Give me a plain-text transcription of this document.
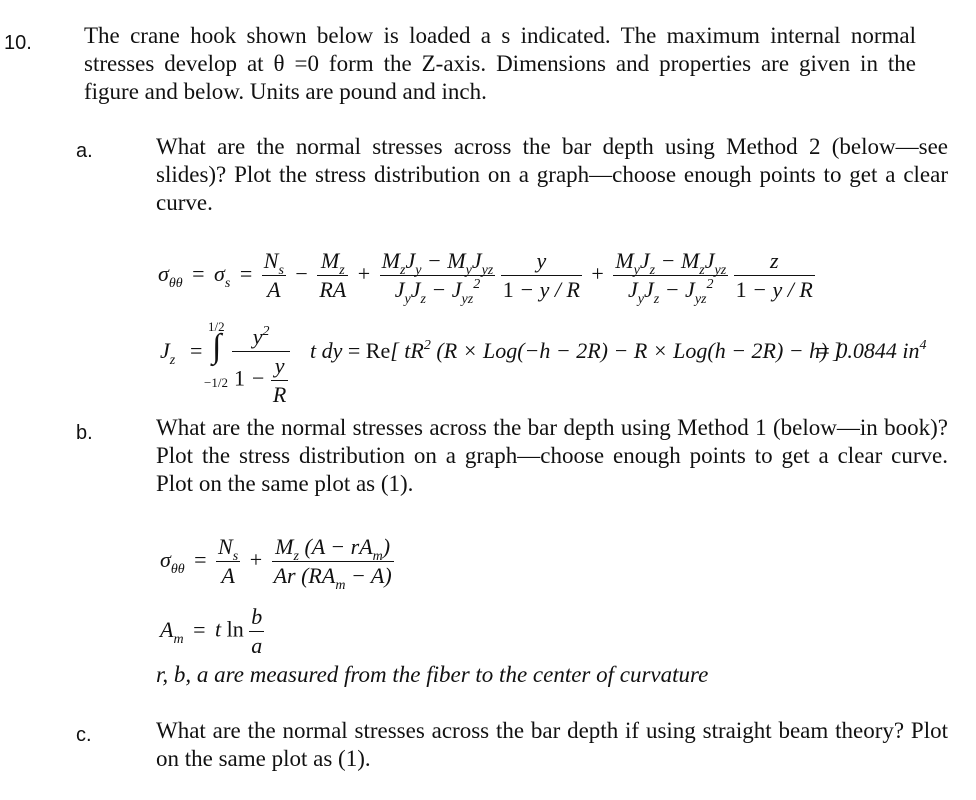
10. The crane hook shown below is loaded a s indicated. The maximum internal normal stresses develop at θ =0 form the Z-axis. Dimensions and properties are given in the figure and below. Units are pound and inch.

a.	What are the normal stresses across the bar depth using Method 2 (below—see slides)? Plot the stress distribution on a graph—choose enough points to get a clear curve.

$\sigma_{\theta\theta} = \sigma_s = \frac{N_s}{A} - \frac{M_z}{RA} + \frac{M_zJ_y - M_yJ_{yz}}{J_yJ_z - J_{yz}^2}$
$\frac{y}{1 - y / R} + \frac{M_yJ_z - M_zJ_{yz}}{J_yJ_z - J_{yz}^2}$
$\frac{z}{1 - y / R}$
$J_z$ =
1/2
∫
$-1/2 \frac{y^2}{1 - \frac{y}{R}}$ t dy = Re[ $tR^2$ (R × Log(−h − 2R) − R × Log(h − 2R) − h) ]
= 0.0844 $in^4$
b.	What are the normal stresses across the bar depth using Method 1 (below—in book)? Plot the stress distribution on a graph—choose enough points to get a clear curve. Plot on the same plot as (1).

$\sigma_{\theta\theta} = \frac{N_s}{A} + \frac{M_z (A - rA_m)}{Ar (RA_m - A)}$
$A_m = t$ $\ln \frac{b}{a}$

r, b, a are measured from the fiber to the center of curvature

c.	What are the normal stresses across the bar depth if using straight beam theory? Plot on the same plot as (1).
